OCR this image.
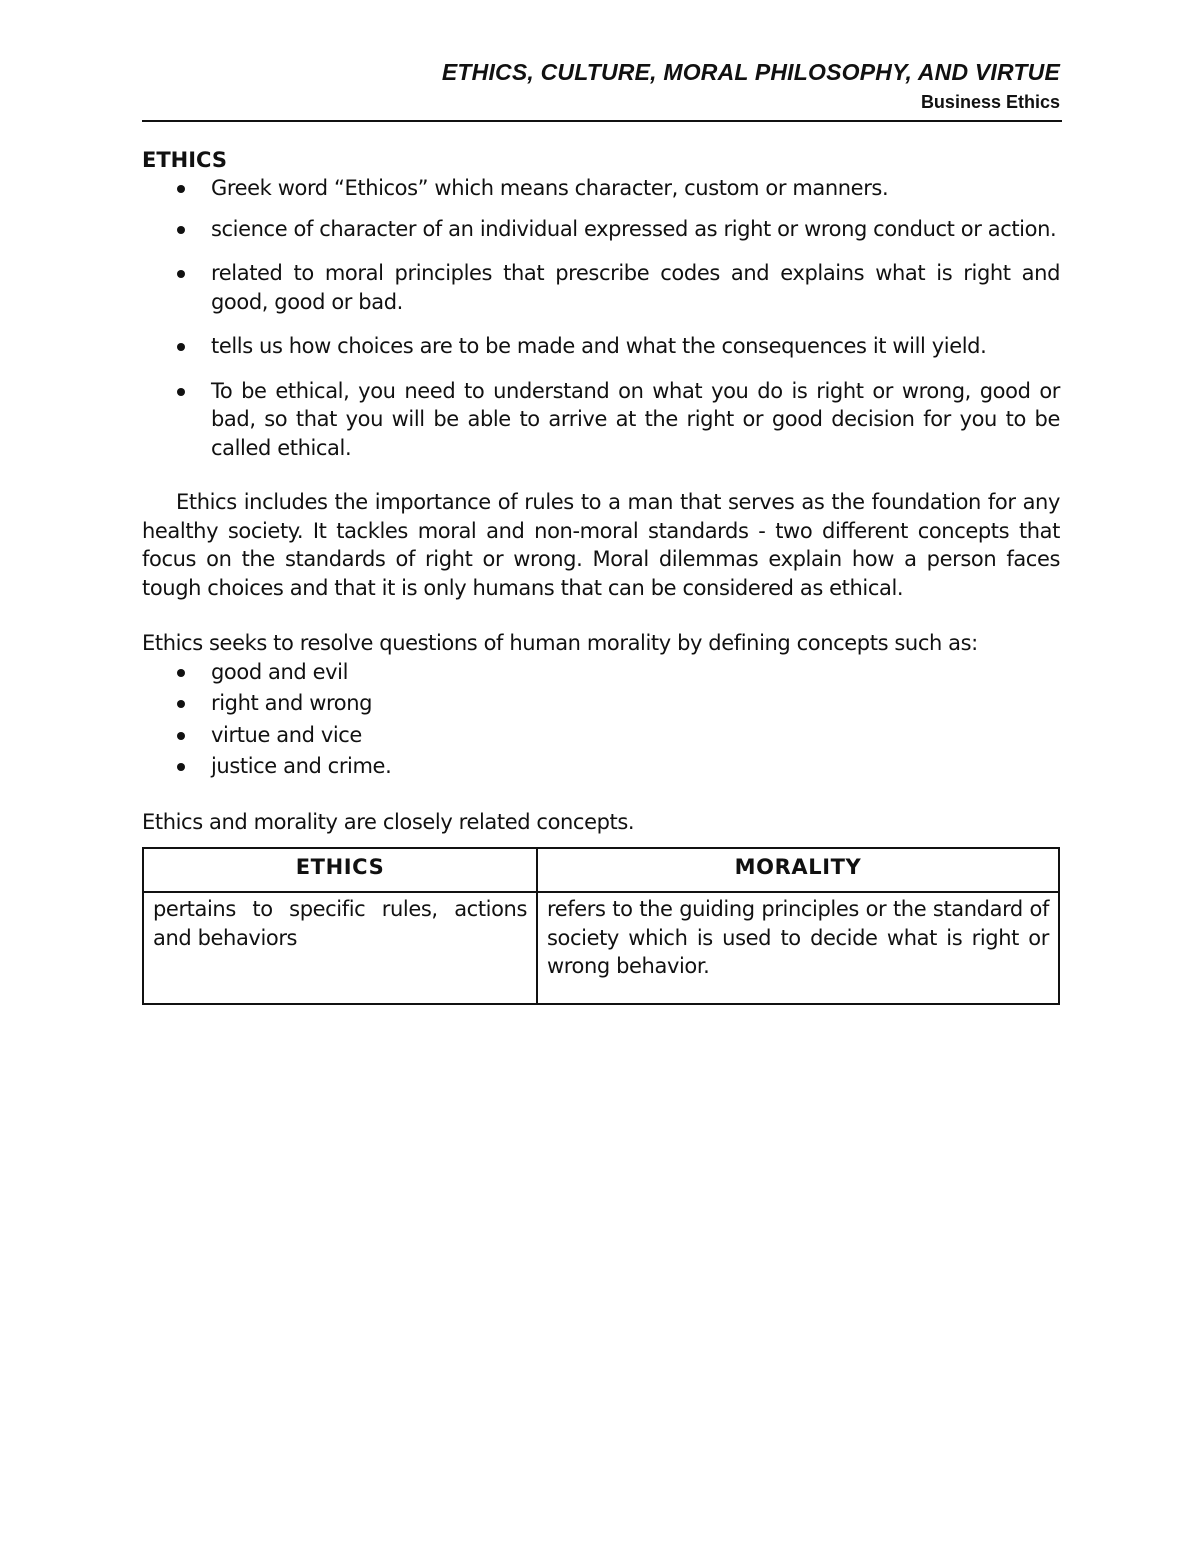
ETHICS, CULTURE, MORAL PHILOSOPHY, AND VIRTUE
Business Ethics
ETHICS
Greek word “Ethicos” which means character, custom or manners.
science of character of an individual expressed as right or wrong conduct or action.
related to moral principles that prescribe codes and explains what is right and good, good or bad.
tells us how choices are to be made and what the consequences it will yield.
To be ethical, you need to understand on what you do is right or wrong, good or bad, so that you will be able to arrive at the right or good decision for you to be called ethical.

Ethics includes the importance of rules to a man that serves as the foundation for any healthy society. It tackles moral and non-moral standards - two different concepts that focus on the standards of right or wrong. Moral dilemmas explain how a person faces tough choices and that it is only humans that can be considered as ethical.

Ethics seeks to resolve questions of human morality by defining concepts such as:

good and evil
right and wrong
virtue and vice
justice and crime.

Ethics and morality are closely related concepts.

ETHICS	MORALITY
pertains to specific rules, actions and behaviors	refers to the guiding principles or the standard of society which is used to decide what is right or wrong behavior.
